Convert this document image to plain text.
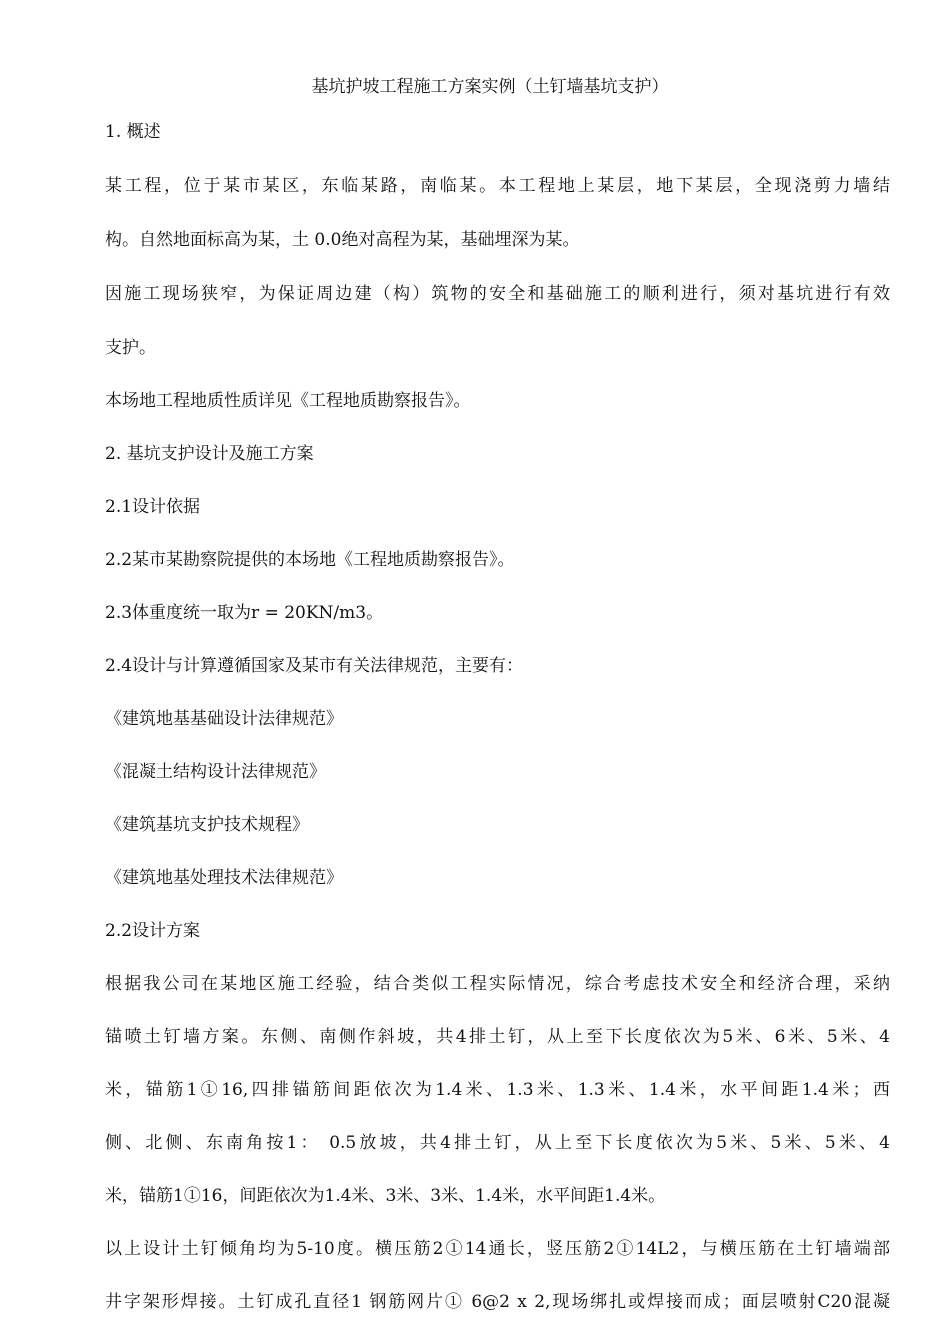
基坑护坡工程施工方案实例（土钉墙基坑支护）
1. 概述
某工程，位于某市某区，东临某路，南临某。本工程地上某层，地下某层，全现浇剪力墙结
构。自然地面标高为某，土 0.0绝对高程为某，基础埋深为某。
因施工现场狭窄，为保证周边建（构）筑物的安全和基础施工的顺利进行，须对基坑进行有效
支护。
本场地工程地质性质详见《工程地质勘察报告》。
2. 基坑支护设计及施工方案
2.1设计依据
2.2某市某勘察院提供的本场地《工程地质勘察报告》。
2.3体重度统一取为r = 20KN/m3。
2.4设计与计算遵循国家及某市有关法律规范，主要有：
《建筑地基基础设计法律规范》
《混凝土结构设计法律规范》
《建筑基坑支护技术规程》
《建筑地基处理技术法律规范》
2.2设计方案
根据我公司在某地区施工经验，结合类似工程实际情况，综合考虑技术安全和经济合理，采纳
锚喷土钉墙方案。东侧、南侧作斜坡，共4排土钉，从上至下长度依次为5米、6米、5米、4
米，锚筋1①16,四排锚筋间距依次为1.4米、1.3米、1.3米、1.4米，水平间距1.4米；西
侧、北侧、东南角按1： 0.5放坡，共4排土钉，从上至下长度依次为5米、5米、5米、4
米，锚筋1①16，间距依次为1.4米、3米、3米、1.4米，水平间距1.4米。
以上设计土钉倾角均为5-10度。横压筋2①14通长，竖压筋2①14L2，与横压筋在土钉墙端部
井字架形焊接。土钉成孔直径1 钢筋网片① 6@2 x 2,现场绑扎或焊接而成；面层喷射C20混凝
